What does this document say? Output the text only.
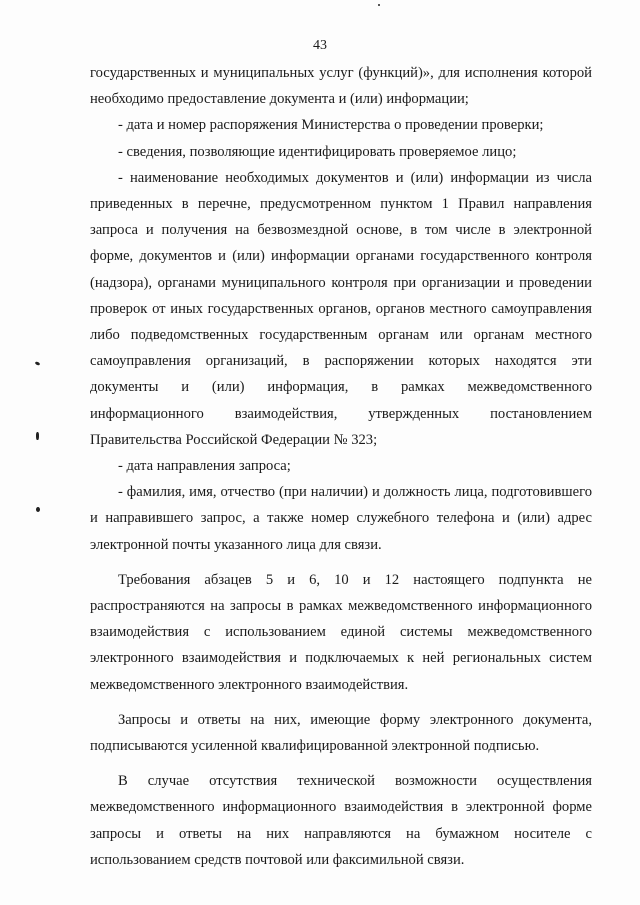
43

государственных и муниципальных услуг (функций)», для исполнения которой необходимо предоставление документа и (или) информации;

- дата и номер распоряжения Министерства о проведении проверки;

- сведения, позволяющие идентифицировать проверяемое лицо;

- наименование необходимых документов и (или) информации из числа приведенных в перечне, предусмотренном пунктом 1 Правил направления запроса и получения на безвозмездной основе, в том числе в электронной форме, документов и (или) информации органами государственного контроля (надзора), органами муниципального контроля при организации и проведении проверок от иных государственных органов, органов местного самоуправления либо подведомственных государственным органам или органам местного самоуправления организаций, в распоряжении которых находятся эти документы и (или) информация, в рамках межведомственного информационного взаимодействия, утвержденных постановлением Правительства Российской Федерации № 323;

- дата направления запроса;

- фамилия, имя, отчество (при наличии) и должность лица, подготовившего и направившего запрос, а также номер служебного телефона и (или) адрес электронной почты указанного лица для связи.

Требования абзацев 5 и 6, 10 и 12 настоящего подпункта не распространяются на запросы в рамках межведомственного информационного взаимодействия с использованием единой системы межведомственного электронного взаимодействия и подключаемых к ней региональных систем межведомственного электронного взаимодействия.

Запросы и ответы на них, имеющие форму электронного документа, подписываются усиленной квалифицированной электронной подписью.

В случае отсутствия технической возможности осуществления межведомственного информационного взаимодействия в электронной форме запросы и ответы на них направляются на бумажном носителе с использованием средств почтовой или факсимильной связи.
